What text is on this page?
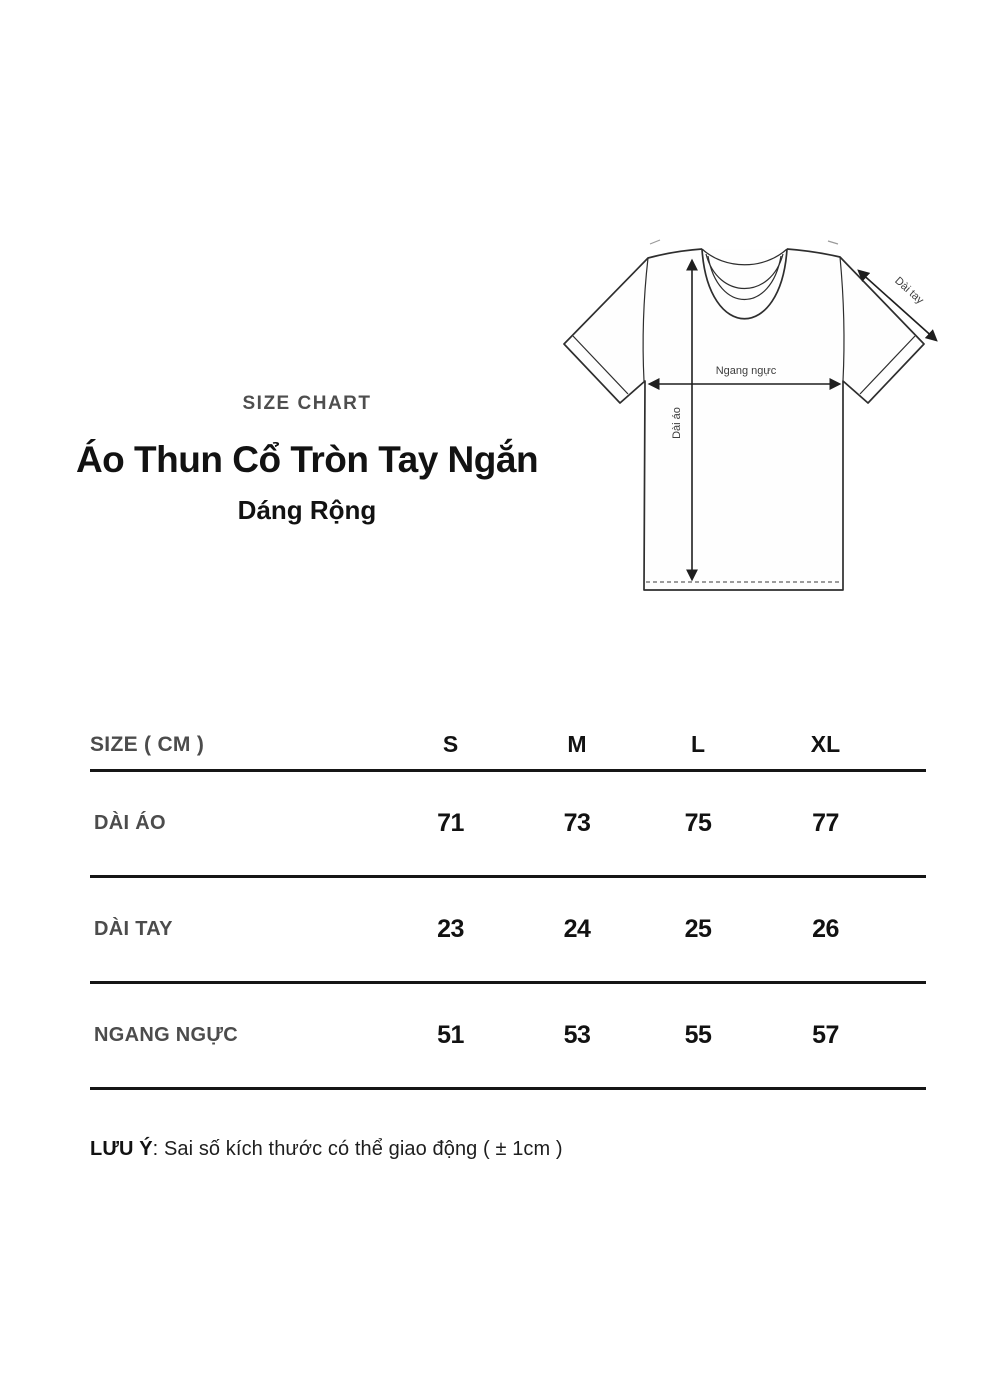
SIZE CHART
Áo Thun Cổ Tròn Tay Ngắn
Dáng Rộng
Dài áo
Ngang ngực
Dài tay
SIZE ( CM )	S	M	L	XL
DÀI ÁO	71	73	75	77
DÀI TAY	23	24	25	26
NGANG NGỰC	51	53	55	57
LƯU Ý: Sai số kích thước có thể giao động ( ± 1cm )
